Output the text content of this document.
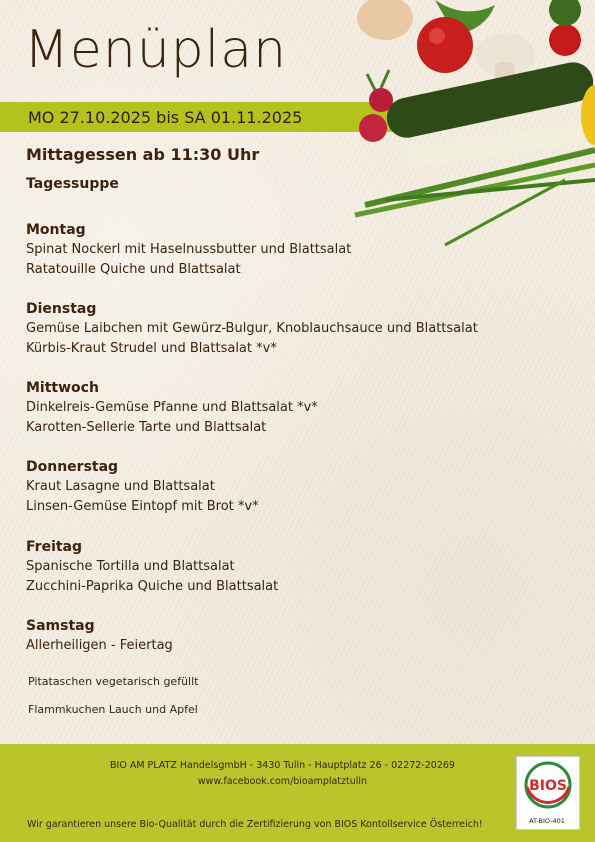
Menüplan
MO 27.10.2025 bis SA 01.11.2025
Mittagessen ab 11:30 Uhr
Tagessuppe
Montag
Spinat Nockerl mit Haselnussbutter und Blattsalat
Ratatouille Quiche und Blattsalat
Dienstag
Gemüse Laibchen mit Gewürz-Bulgur, Knoblauchsauce und Blattsalat
Kürbis-Kraut Strudel und Blattsalat *v*
Mittwoch
Dinkelreis-Gemüse Pfanne und Blattsalat *v*
Karotten-Sellerie Tarte und Blattsalat
Donnerstag
Kraut Lasagne und Blattsalat
Linsen-Gemüse Eintopf mit Brot *v*
Freitag
Spanische Tortilla und Blattsalat
Zucchini-Paprika Quiche und Blattsalat
Samstag
Allerheiligen - Feiertag
Pitataschen vegetarisch gefüllt
Flammkuchen Lauch und Apfel
BIO AM PLATZ HandelsgmbH - 3430 Tulln - Hauptplatz 26 - 02272-20269
www.facebook.com/bioamplatztulln
Wir garantieren unsere Bio-Qualität durch die Zertifizierung von BIOS Kontollservice Österreich!
BIOS
AT-BIO-401
